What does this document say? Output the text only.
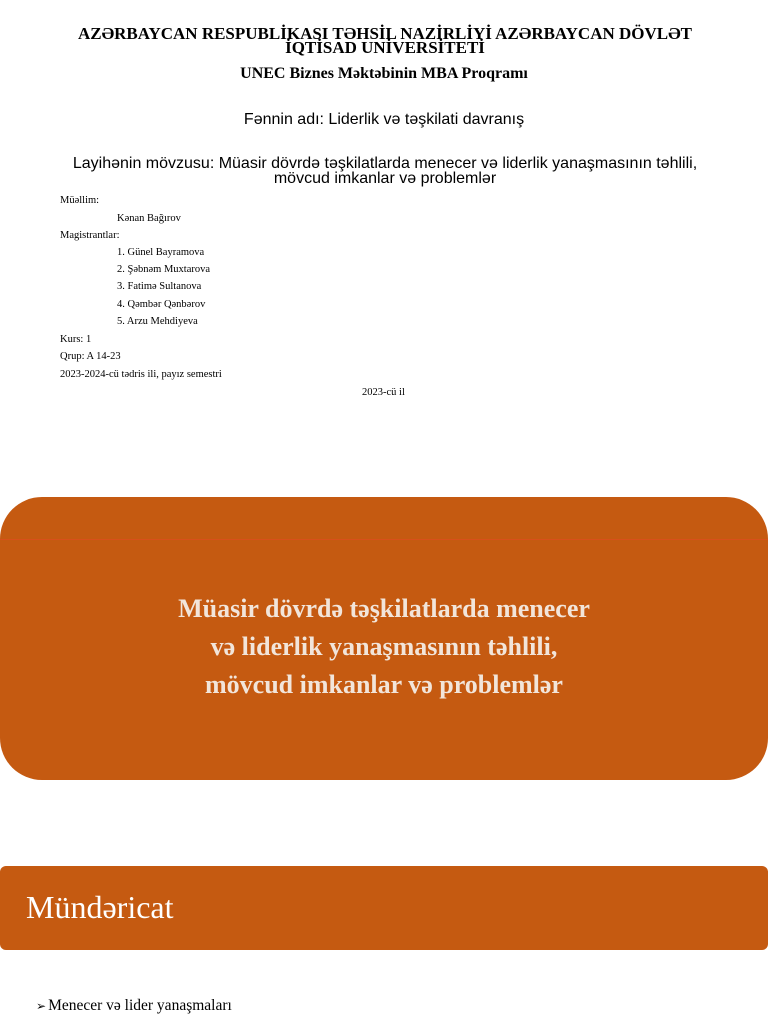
AZƏRBAYCAN RESPUBLİKASI TƏHSİL NAZİRLİYİ AZƏRBAYCAN DÖVLƏT
İQTİSAD UNİVERSİTETİ
UNEC Biznes Məktəbinin MBA Proqramı
Fənnin adı: Liderlik və təşkilati davranış
Layihənin mövzusu: Müasir dövrdə təşkilatlarda menecer və liderlik yanaşmasının təhlili,
mövcud imkanlar və problemlər
Müəllim:
Kənan Bağırov
Magistrantlar:
1. Günel Bayramova
2. Şəbnəm Muxtarova
3. Fatimə Sultanova
4. Qəmbər Qənbərov
5. Arzu Mehdiyeva
Kurs: 1
Qrup: A 14-23
2023-2024-cü tədris ili, payız semestri
2023-cü il
Müasir dövrdə təşkilatlarda menecer
və liderlik yanaşmasının təhlili,
mövcud imkanlar və problemlər
Mündəricat
➢ Menecer və lider yanaşmaları
